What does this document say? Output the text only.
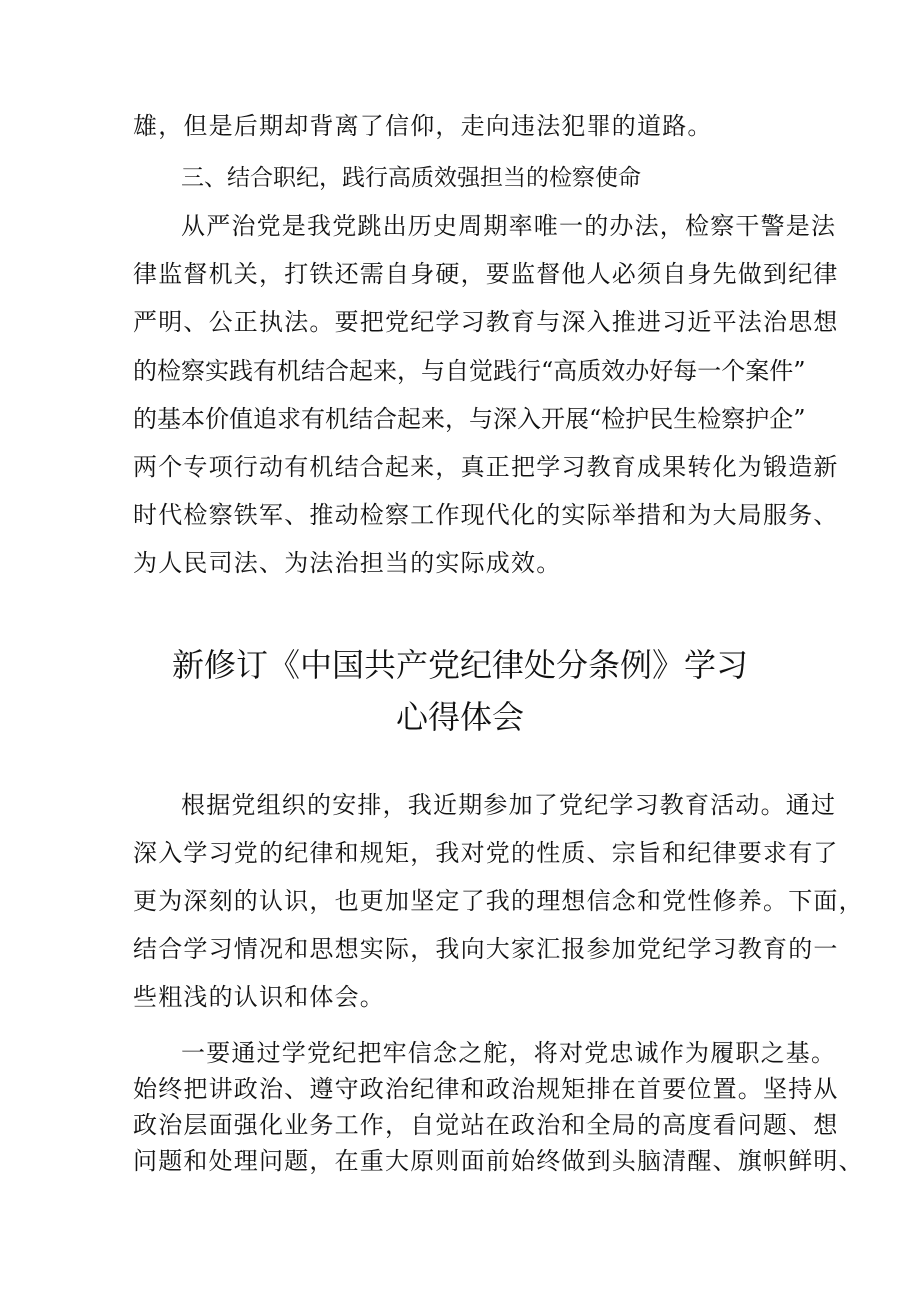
雄，但是后期却背离了信仰，走向违法犯罪的道路。
三、结合职纪，践行高质效强担当的检察使命
从严治党是我党跳出历史周期率唯一的办法，检察干警是法
律监督机关，打铁还需自身硬，要监督他人必须自身先做到纪律
严明、公正执法。要把党纪学习教育与深入推进习近平法治思想
的检察实践有机结合起来，与自觉践行“高质效办好每一个案件”
的基本价值追求有机结合起来，与深入开展“检护民生检察护企”
两个专项行动有机结合起来，真正把学习教育成果转化为锻造新
时代检察铁军、推动检察工作现代化的实际举措和为大局服务、
为人民司法、为法治担当的实际成效。
新修订《中国共产党纪律处分条例》学习
心得体会
根据党组织的安排，我近期参加了党纪学习教育活动。通过
深入学习党的纪律和规矩，我对党的性质、宗旨和纪律要求有了
更为深刻的认识，也更加坚定了我的理想信念和党性修养。下面，
结合学习情况和思想实际，我向大家汇报参加党纪学习教育的一
些粗浅的认识和体会。
一要通过学党纪把牢信念之舵，将对党忠诚作为履职之基。
始终把讲政治、遵守政治纪律和政治规矩排在首要位置。坚持从
政治层面强化业务工作，自觉站在政治和全局的高度看问题、想
问题和处理问题，在重大原则面前始终做到头脑清醒、旗帜鲜明、
